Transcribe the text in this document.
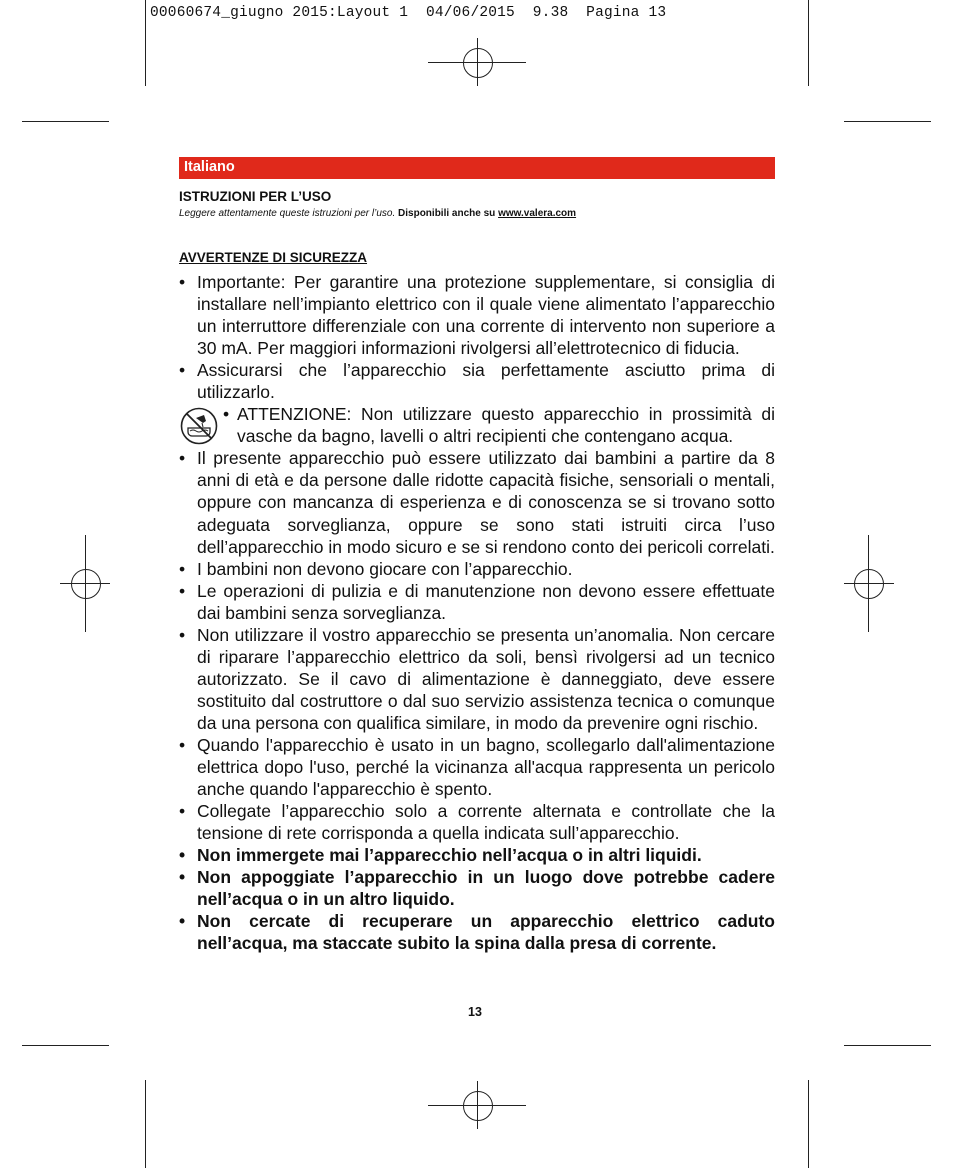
00060674_giugno 2015:Layout 1  04/06/2015  9.38  Pagina 13
Italiano
ISTRUZIONI PER L’USO
Leggere attentamente queste istruzioni per l’uso. Disponibili anche su www.valera.com
AVVERTENZE DI SICUREZZA
• Importante: Per garantire una protezione supplementare, si consiglia di installare nell’impianto elettrico con il quale viene alimentato l’apparecchio un interruttore differenziale con una corrente di intervento non superiore a 30 mA. Per maggiori informazioni rivolgersi all’elettrotecnico di fiducia.
• Assicurarsi che l’apparecchio sia perfettamente asciutto prima di utilizzarlo.
• ATTENZIONE: Non utilizzare questo apparecchio in prossimità di vasche da bagno, lavelli o altri recipienti che contengano acqua.
• Il presente apparecchio può essere utilizzato dai bambini a partire da 8 anni di età e da persone dalle ridotte capacità fisiche, sensoriali o mentali, oppure con mancanza di esperienza e di conoscenza se si trovano sotto adeguata sorveglianza, oppure se sono stati istruiti circa l’uso dell’apparecchio in modo sicuro e se si rendono conto dei pericoli correlati.
• I bambini non devono giocare con l’apparecchio.
• Le operazioni di pulizia e di manutenzione non devono essere effettuate dai bambini senza sorveglianza.
• Non utilizzare il vostro apparecchio se presenta un’anomalia. Non cercare di riparare l’apparecchio elettrico da soli, bensì rivolgersi ad un tecnico autorizzato. Se il cavo di alimentazione è danneggiato, deve essere sostituito dal costruttore o dal suo servizio assistenza tecnica o comunque da una persona con qualifica similare, in modo da prevenire ogni rischio.
• Quando l'apparecchio è usato in un bagno, scollegarlo dall'alimentazione elettrica dopo l'uso, perché la vicinanza all'acqua rappresenta un pericolo anche quando l'apparecchio è spento.
• Collegate l’apparecchio solo a corrente alternata e controllate che la tensione di rete corrisponda a quella indicata sull’apparecchio.
• Non immergete mai l’apparecchio nell’acqua o in altri liquidi.
• Non appoggiate l’apparecchio in un luogo dove potrebbe cadere nell’acqua o in un altro liquido.
• Non cercate di recuperare un apparecchio elettrico caduto nell’acqua, ma staccate subito la spina dalla presa di corrente.
13
